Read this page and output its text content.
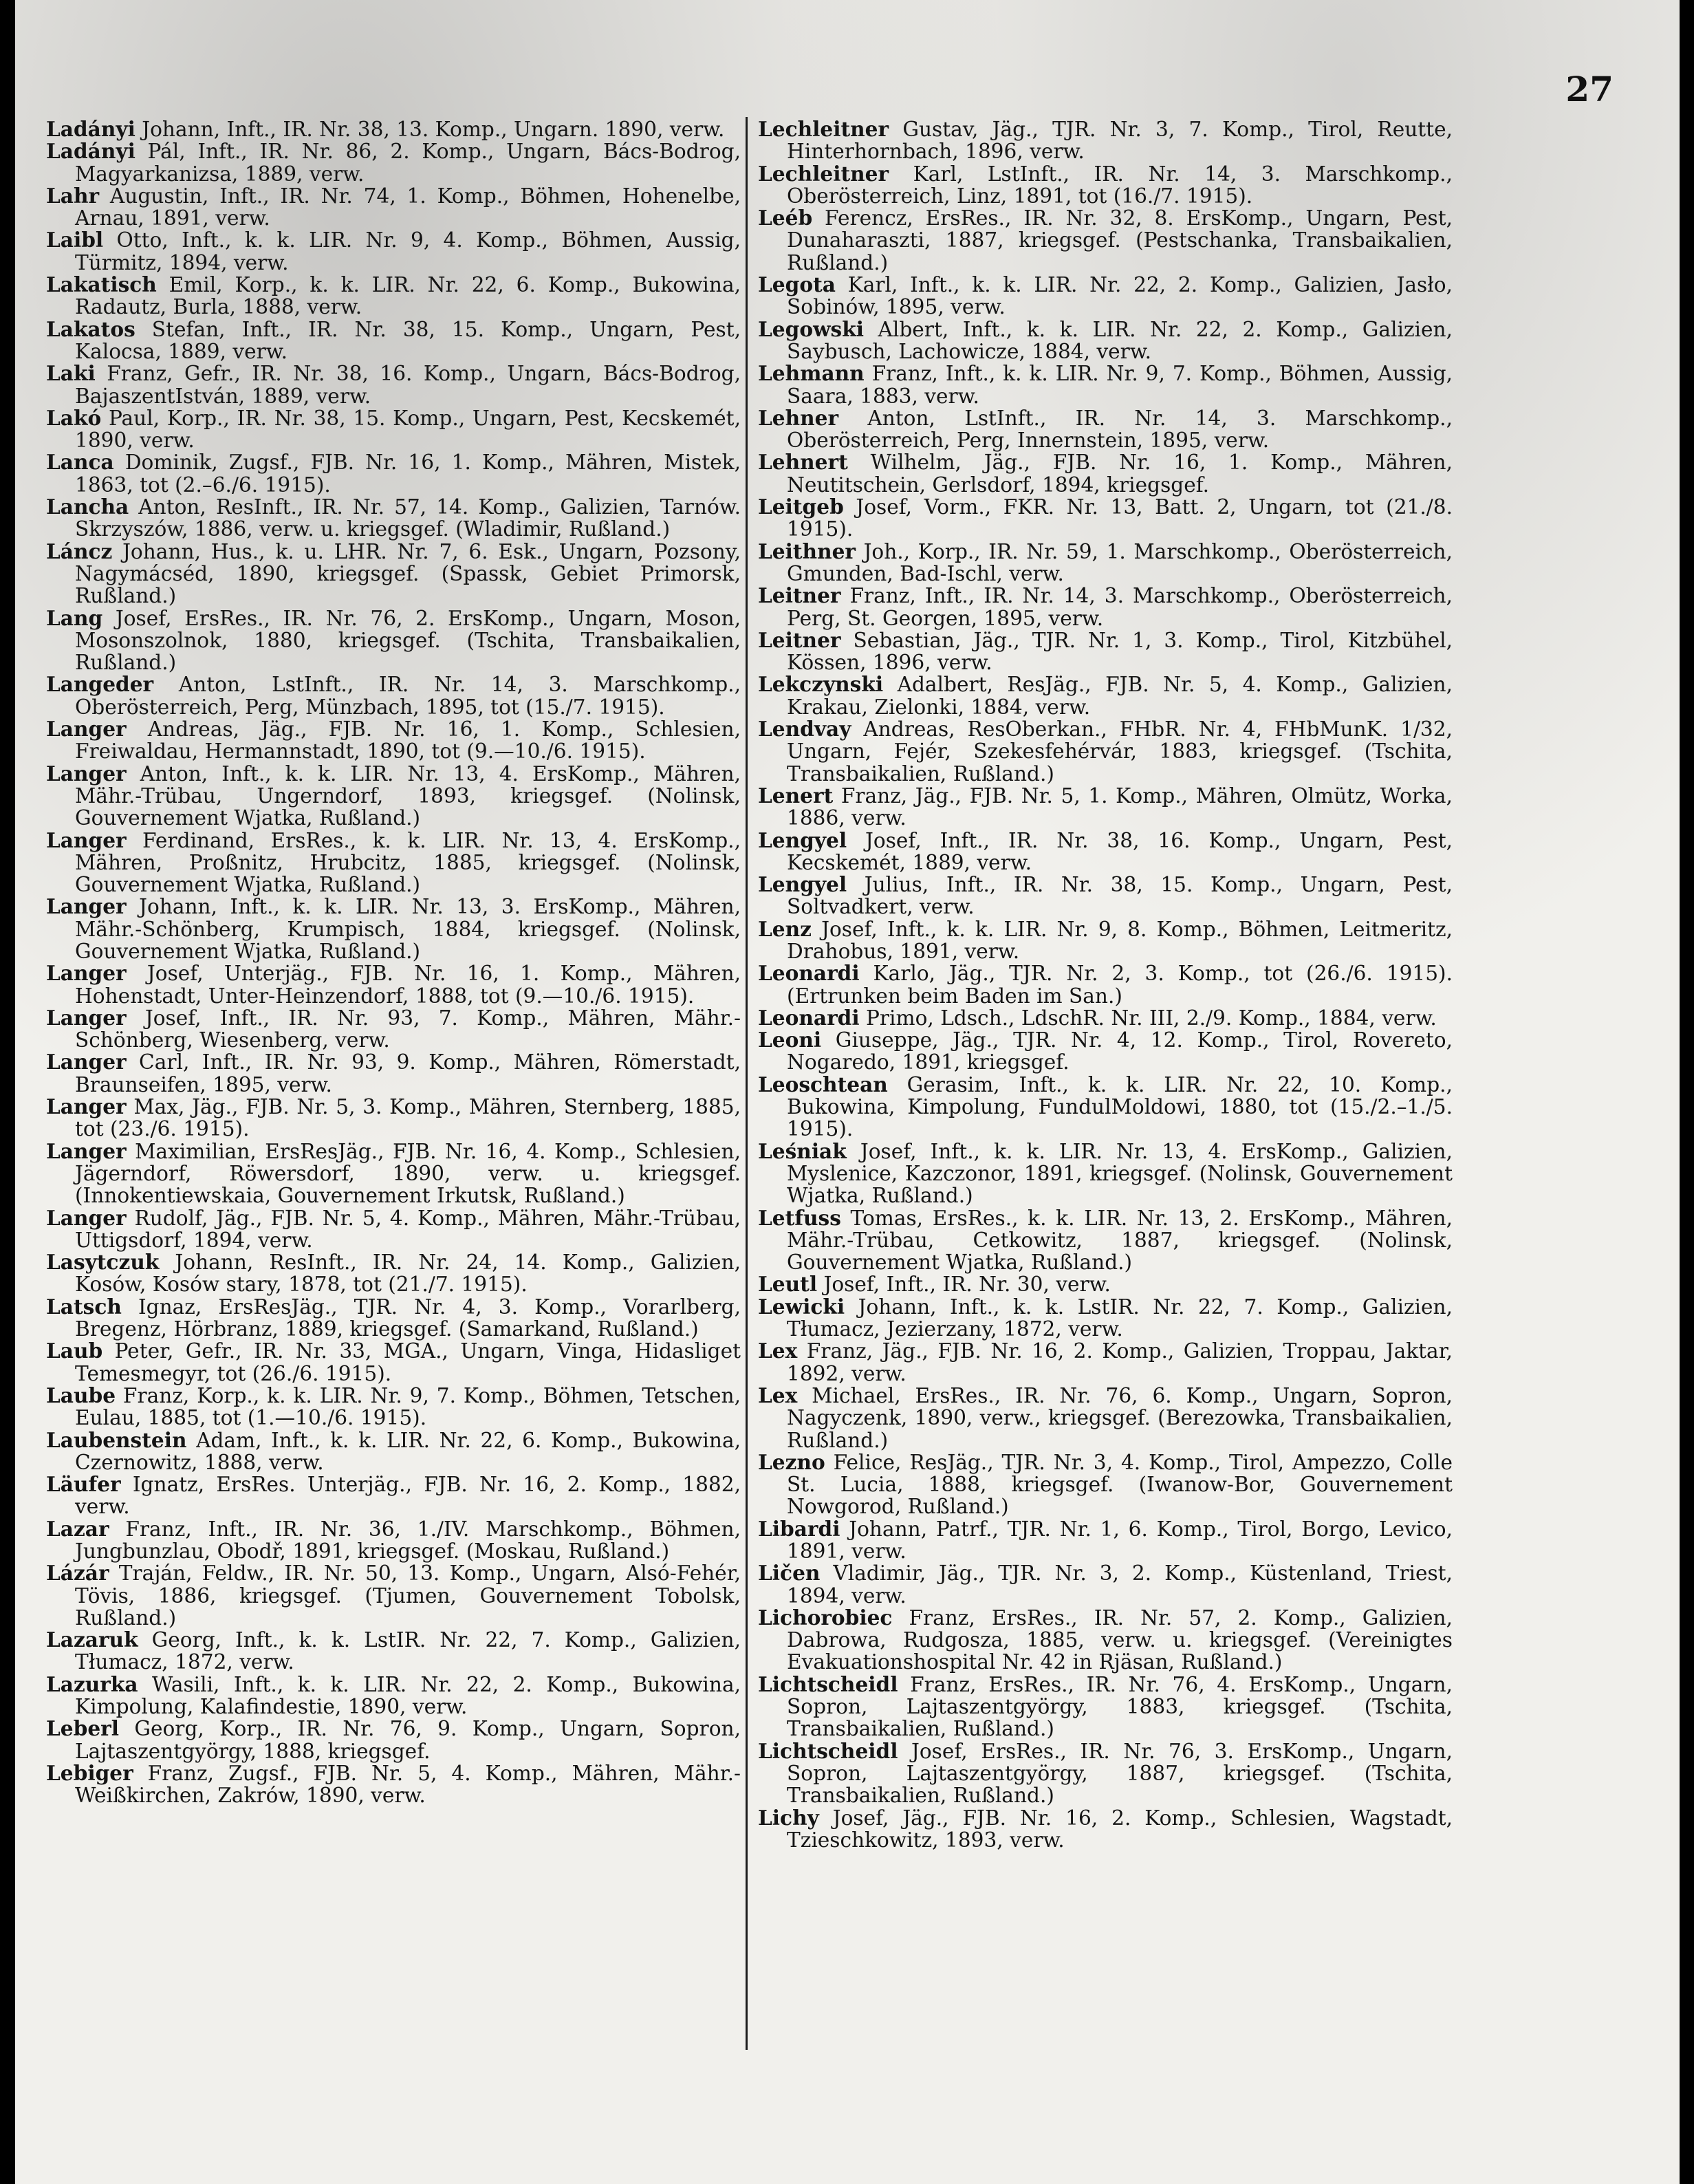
27

Ladányi Johann, Inft., IR. Nr. 38, 13. Komp., Ungarn. 1890, verw.

Ladányi Pál, Inft., IR. Nr. 86, 2. Komp., Ungarn, Bács-Bodrog, Magyarkanizsa, 1889, verw.

Lahr Augustin, Inft., IR. Nr. 74, 1. Komp., Böhmen, Hohenelbe, Arnau, 1891, verw.

Laibl Otto, Inft., k. k. LIR. Nr. 9, 4. Komp., Böhmen, Aussig, Türmitz, 1894, verw.

Lakatisch Emil, Korp., k. k. LIR. Nr. 22, 6. Komp., Bukowina, Radautz, Burla, 1888, verw.

Lakatos Stefan, Inft., IR. Nr. 38, 15. Komp., Ungarn, Pest, Kalocsa, 1889, verw.

Laki Franz, Gefr., IR. Nr. 38, 16. Komp., Ungarn, Bács-Bodrog, BajaszentIstván, 1889, verw.

Lakó Paul, Korp., IR. Nr. 38, 15. Komp., Ungarn, Pest, Kecskemét, 1890, verw.

Lanca Dominik, Zugsf., FJB. Nr. 16, 1. Komp., Mähren, Mistek, 1863, tot (2.–6./6. 1915).

Lancha Anton, ResInft., IR. Nr. 57, 14. Komp., Galizien, Tarnów. Skrzyszów, 1886, verw. u. kriegsgef. (Wladimir, Rußland.)

Láncz Johann, Hus., k. u. LHR. Nr. 7, 6. Esk., Ungarn, Pozsony, Nagymácséd, 1890, kriegsgef. (Spassk, Gebiet Primorsk, Rußland.)

Lang Josef, ErsRes., IR. Nr. 76, 2. ErsKomp., Ungarn, Moson, Mosonszolnok, 1880, kriegsgef. (Tschita, Transbaikalien, Rußland.)

Langeder Anton, LstInft., IR. Nr. 14, 3. Marschkomp., Oberösterreich, Perg, Münzbach, 1895, tot (15./7. 1915).

Langer Andreas, Jäg., FJB. Nr. 16, 1. Komp., Schlesien, Freiwaldau, Hermannstadt, 1890, tot (9.—10./6. 1915).

Langer Anton, Inft., k. k. LIR. Nr. 13, 4. ErsKomp., Mähren, Mähr.-Trübau, Ungerndorf, 1893, kriegsgef. (Nolinsk, Gouvernement Wjatka, Rußland.)

Langer Ferdinand, ErsRes., k. k. LIR. Nr. 13, 4. ErsKomp., Mähren, Proßnitz, Hrubcitz, 1885, kriegsgef. (Nolinsk, Gouvernement Wjatka, Rußland.)

Langer Johann, Inft., k. k. LIR. Nr. 13, 3. ErsKomp., Mähren, Mähr.-Schönberg, Krumpisch, 1884, kriegsgef. (Nolinsk, Gouvernement Wjatka, Rußland.)

Langer Josef, Unterjäg., FJB. Nr. 16, 1. Komp., Mähren, Hohenstadt, Unter-Heinzendorf, 1888, tot (9.—10./6. 1915).

Langer Josef, Inft., IR. Nr. 93, 7. Komp., Mähren, Mähr.-Schönberg, Wiesenberg, verw.

Langer Carl, Inft., IR. Nr. 93, 9. Komp., Mähren, Römerstadt, Braunseifen, 1895, verw.

Langer Max, Jäg., FJB. Nr. 5, 3. Komp., Mähren, Sternberg, 1885, tot (23./6. 1915).

Langer Maximilian, ErsResJäg., FJB. Nr. 16, 4. Komp., Schlesien, Jägerndorf, Röwersdorf, 1890, verw. u. kriegsgef. (Innokentiewskaia, Gouvernement Irkutsk, Rußland.)

Langer Rudolf, Jäg., FJB. Nr. 5, 4. Komp., Mähren, Mähr.-Trübau, Uttigsdorf, 1894, verw.

Lasytczuk Johann, ResInft., IR. Nr. 24, 14. Komp., Galizien, Kosów, Kosów stary, 1878, tot (21./7. 1915).

Latsch Ignaz, ErsResJäg., TJR. Nr. 4, 3. Komp., Vorarlberg, Bregenz, Hörbranz, 1889, kriegsgef. (Samarkand, Rußland.)

Laub Peter, Gefr., IR. Nr. 33, MGA., Ungarn, Vinga, Hidasliget Temesmegyr, tot (26./6. 1915).

Laube Franz, Korp., k. k. LIR. Nr. 9, 7. Komp., Böhmen, Tetschen, Eulau, 1885, tot (1.—10./6. 1915).

Laubenstein Adam, Inft., k. k. LIR. Nr. 22, 6. Komp., Bukowina, Czernowitz, 1888, verw.

Läufer Ignatz, ErsRes. Unterjäg., FJB. Nr. 16, 2. Komp., 1882, verw.

Lazar Franz, Inft., IR. Nr. 36, 1./IV. Marschkomp., Böhmen, Jungbunzlau, Obodř, 1891, kriegsgef. (Moskau, Rußland.)

Lázár Traján, Feldw., IR. Nr. 50, 13. Komp., Ungarn, Alsó-Fehér, Tövis, 1886, kriegsgef. (Tjumen, Gouvernement Tobolsk, Rußland.)

Lazaruk Georg, Inft., k. k. LstIR. Nr. 22, 7. Komp., Galizien, Tłumacz, 1872, verw.

Lazurka Wasili, Inft., k. k. LIR. Nr. 22, 2. Komp., Bukowina, Kimpolung, Kalafindestie, 1890, verw.

Leberl Georg, Korp., IR. Nr. 76, 9. Komp., Ungarn, Sopron, Lajtaszentgyörgy, 1888, kriegsgef.

Lebiger Franz, Zugsf., FJB. Nr. 5, 4. Komp., Mähren, Mähr.-Weißkirchen, Zakrów, 1890, verw.

Lechleitner Gustav, Jäg., TJR. Nr. 3, 7. Komp., Tirol, Reutte, Hinterhornbach, 1896, verw.

Lechleitner Karl, LstInft., IR. Nr. 14, 3. Marschkomp., Oberösterreich, Linz, 1891, tot (16./7. 1915).

Leéb Ferencz, ErsRes., IR. Nr. 32, 8. ErsKomp., Ungarn, Pest, Dunaharaszti, 1887, kriegsgef. (Pestschanka, Transbaikalien, Rußland.)

Legota Karl, Inft., k. k. LIR. Nr. 22, 2. Komp., Galizien, Jasło, Sobinów, 1895, verw.

Legowski Albert, Inft., k. k. LIR. Nr. 22, 2. Komp., Galizien, Saybusch, Lachowicze, 1884, verw.

Lehmann Franz, Inft., k. k. LIR. Nr. 9, 7. Komp., Böhmen, Aussig, Saara, 1883, verw.

Lehner Anton, LstInft., IR. Nr. 14, 3. Marschkomp., Oberösterreich, Perg, Innernstein, 1895, verw.

Lehnert Wilhelm, Jäg., FJB. Nr. 16, 1. Komp., Mähren, Neutitschein, Gerlsdorf, 1894, kriegsgef.

Leitgeb Josef, Vorm., FKR. Nr. 13, Batt. 2, Ungarn, tot (21./8. 1915).

Leithner Joh., Korp., IR. Nr. 59, 1. Marschkomp., Oberösterreich, Gmunden, Bad-Ischl, verw.

Leitner Franz, Inft., IR. Nr. 14, 3. Marschkomp., Oberösterreich, Perg, St. Georgen, 1895, verw.

Leitner Sebastian, Jäg., TJR. Nr. 1, 3. Komp., Tirol, Kitzbühel, Kössen, 1896, verw.

Lekczynski Adalbert, ResJäg., FJB. Nr. 5, 4. Komp., Galizien, Krakau, Zielonki, 1884, verw.

Lendvay Andreas, ResOberkan., FHbR. Nr. 4, FHbMunK. 1/32, Ungarn, Fejér, Szekesfehérvár, 1883, kriegsgef. (Tschita, Transbaikalien, Rußland.)

Lenert Franz, Jäg., FJB. Nr. 5, 1. Komp., Mähren, Olmütz, Worka, 1886, verw.

Lengyel Josef, Inft., IR. Nr. 38, 16. Komp., Ungarn, Pest, Kecskemét, 1889, verw.

Lengyel Julius, Inft., IR. Nr. 38, 15. Komp., Ungarn, Pest, Soltvadkert, verw.

Lenz Josef, Inft., k. k. LIR. Nr. 9, 8. Komp., Böhmen, Leitmeritz, Drahobus, 1891, verw.

Leonardi Karlo, Jäg., TJR. Nr. 2, 3. Komp., tot (26./6. 1915). (Ertrunken beim Baden im San.)

Leonardi Primo, Ldsch., LdschR. Nr. III, 2./9. Komp., 1884, verw.

Leoni Giuseppe, Jäg., TJR. Nr. 4, 12. Komp., Tirol, Rovereto, Nogaredo, 1891, kriegsgef.

Leoschtean Gerasim, Inft., k. k. LIR. Nr. 22, 10. Komp., Bukowina, Kimpolung, FundulMoldowi, 1880, tot (15./2.–1./5. 1915).

Leśniak Josef, Inft., k. k. LIR. Nr. 13, 4. ErsKomp., Galizien, Myslenice, Kazczonor, 1891, kriegsgef. (Nolinsk, Gouvernement Wjatka, Rußland.)

Letfuss Tomas, ErsRes., k. k. LIR. Nr. 13, 2. ErsKomp., Mähren, Mähr.-Trübau, Cetkowitz, 1887, kriegsgef. (Nolinsk, Gouvernement Wjatka, Rußland.)

Leutl Josef, Inft., IR. Nr. 30, verw.

Lewicki Johann, Inft., k. k. LstIR. Nr. 22, 7. Komp., Galizien, Tłumacz, Jezierzany, 1872, verw.

Lex Franz, Jäg., FJB. Nr. 16, 2. Komp., Galizien, Troppau, Jaktar, 1892, verw.

Lex Michael, ErsRes., IR. Nr. 76, 6. Komp., Ungarn, Sopron, Nagyczenk, 1890, verw., kriegsgef. (Berezowka, Transbaikalien, Rußland.)

Lezno Felice, ResJäg., TJR. Nr. 3, 4. Komp., Tirol, Ampezzo, Colle St. Lucia, 1888, kriegsgef. (Iwanow-Bor, Gouvernement Nowgorod, Rußland.)

Libardi Johann, Patrf., TJR. Nr. 1, 6. Komp., Tirol, Borgo, Levico, 1891, verw.

Ličen Vladimir, Jäg., TJR. Nr. 3, 2. Komp., Küstenland, Triest, 1894, verw.

Lichorobiec Franz, ErsRes., IR. Nr. 57, 2. Komp., Galizien, Dabrowa, Rudgosza, 1885, verw. u. kriegsgef. (Vereinigtes Evakuationshospital Nr. 42 in Rjäsan, Rußland.)

Lichtscheidl Franz, ErsRes., IR. Nr. 76, 4. ErsKomp., Ungarn, Sopron, Lajtaszentgyörgy, 1883, kriegsgef. (Tschita, Transbaikalien, Rußland.)

Lichtscheidl Josef, ErsRes., IR. Nr. 76, 3. ErsKomp., Ungarn, Sopron, Lajtaszentgyörgy, 1887, kriegsgef. (Tschita, Transbaikalien, Rußland.)

Lichy Josef, Jäg., FJB. Nr. 16, 2. Komp., Schlesien, Wagstadt, Tzieschkowitz, 1893, verw.
